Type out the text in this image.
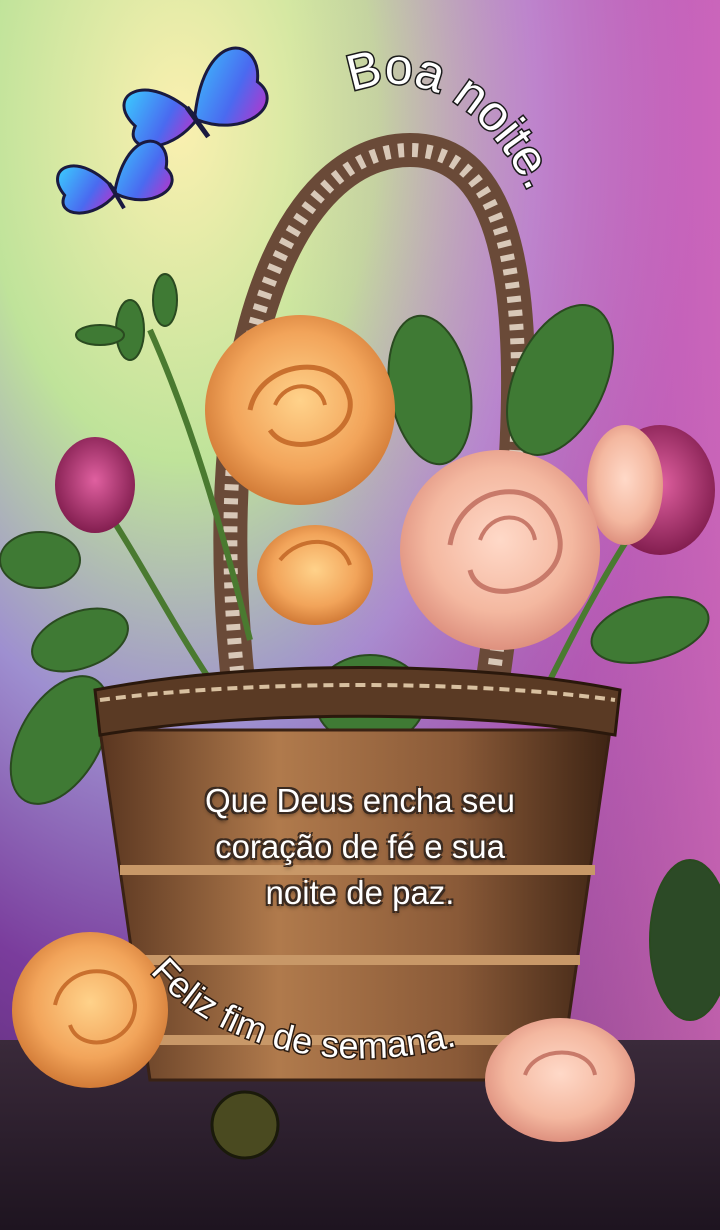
Boa noite.
Feliz fim de semana.
Que Deus encha seu
coração de fé e sua
noite de paz.
